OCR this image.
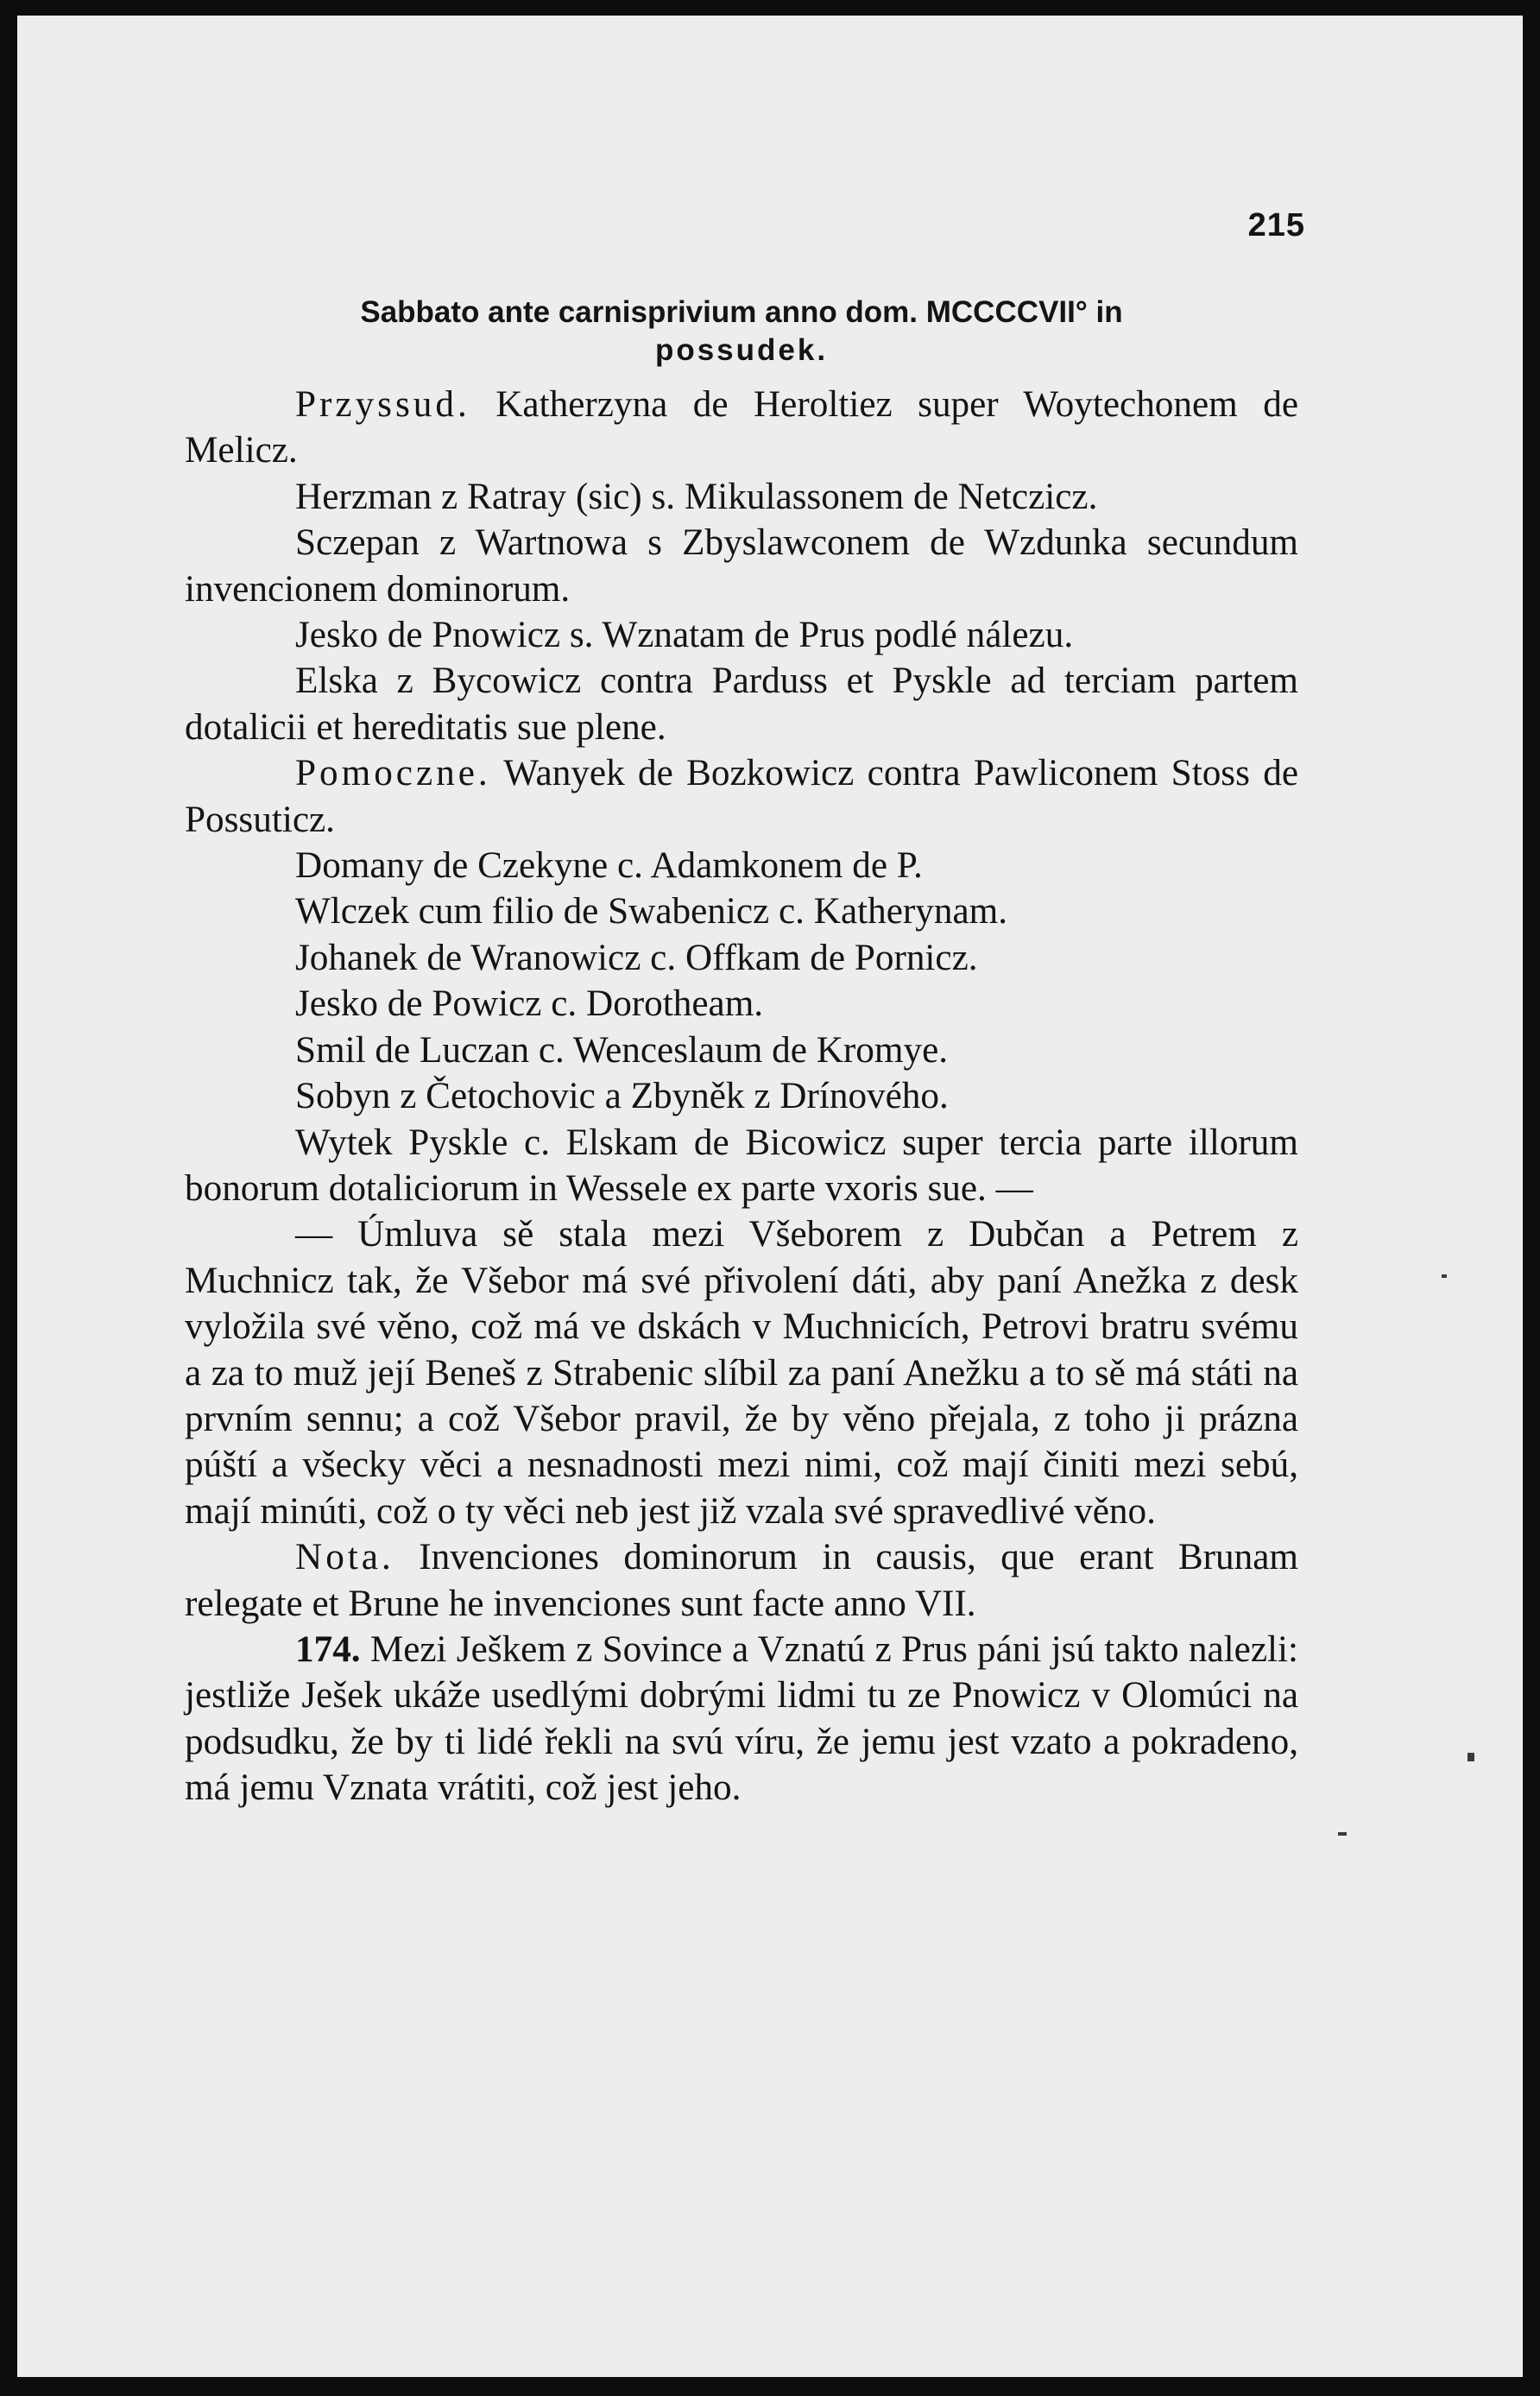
215
Sabbato ante carnisprivium anno dom. MCCCCVII° in
possudek.

Przyssud. Katherzyna de Heroltiez super Woytechonem de Melicz.

Herzman z Ratray (sic) s. Mikulassonem de Netczicz.

Sczepan z Wartnowa s Zbyslawconem de Wzdunka secundum invencionem dominorum.

Jesko de Pnowicz s. Wznatam de Prus podlé nálezu.

Elska z Bycowicz contra Parduss et Pyskle ad terciam partem dotalicii et hereditatis sue plene.

Pomoczne. Wanyek de Bozkowicz contra Pawliconem Stoss de Possuticz.

Domany de Czekyne c. Adamkonem de P.

Wlczek cum filio de Swabenicz c. Katherynam.

Johanek de Wranowicz c. Offkam de Pornicz.

Jesko de Powicz c. Dorotheam.

Smil de Luczan c. Wenceslaum de Kromye.

Sobyn z Četochovic a Zbyněk z Drínového.

Wytek Pyskle c. Elskam de Bicowicz super tercia parte illorum bonorum dotaliciorum in Wessele ex parte vxoris sue. —

— Úmluva sě stala mezi Všeborem z Dubčan a Petrem z Muchnicz tak, že Všebor má své přivolení dáti, aby paní Anežka z desk vyložila své věno, což má ve dskách v Muchnicích, Petrovi bratru svému a za to muž její Beneš z Strabenic slíbil za paní Anežku a to sě má státi na prvním sennu; a což Všebor pravil, že by věno přejala, z toho ji prázna púští a všecky věci a nesnadnosti mezi nimi, což mají činiti mezi sebú, mají minúti, což o ty věci neb jest již vzala své spravedlivé věno.

Nota. Invenciones dominorum in causis, que erant Brunam relegate et Brune he invenciones sunt facte anno VII.

174. Mezi Ješkem z Sovince a Vznatú z Prus páni jsú takto nalezli: jestliže Ješek ukáže usedlými dobrými lidmi tu ze Pnowicz v Olomúci na podsudku, že by ti lidé řekli na svú víru, že jemu jest vzato a pokradeno, má jemu Vznata vrátiti, což jest jeho.
